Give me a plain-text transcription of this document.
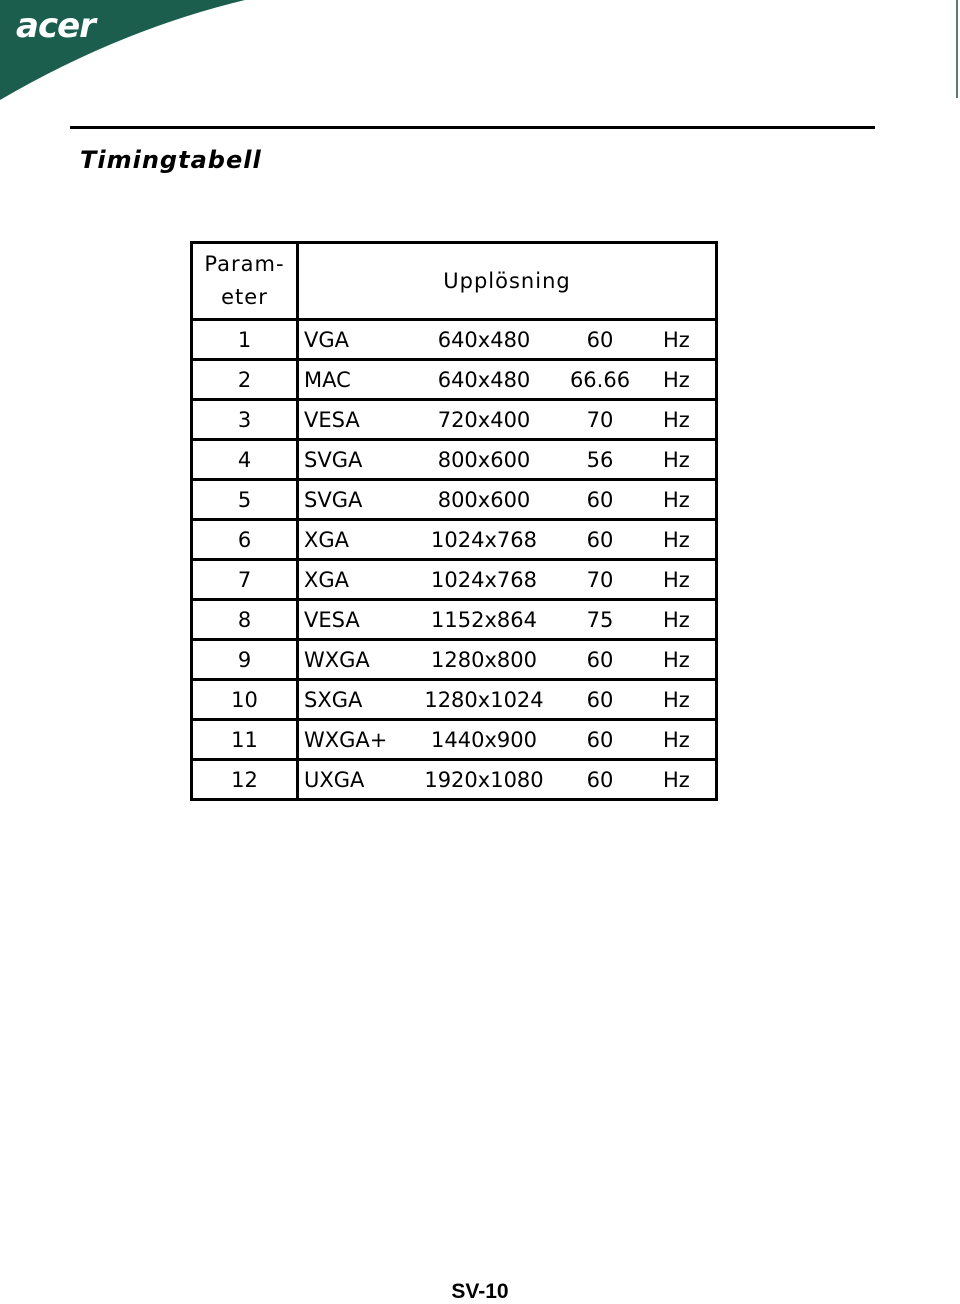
acer
Timingtabell
Param-
eter	Upplösning
1	VGA 640x480 60 Hz

2	MAC 640x480 66.66 Hz

3	VESA 720x400 70 Hz

4	SVGA 800x600 56 Hz

5	SVGA 800x600 60 Hz

6	XGA 1024x768 60 Hz

7	XGA 1024x768 70 Hz

8	VESA 1152x864 75 Hz

9	WXGA 1280x800 60 Hz

10	SXGA 1280x1024 60 Hz

11	WXGA+ 1440x900 60 Hz

12	UXGA 1920x1080 60 Hz
SV-10
